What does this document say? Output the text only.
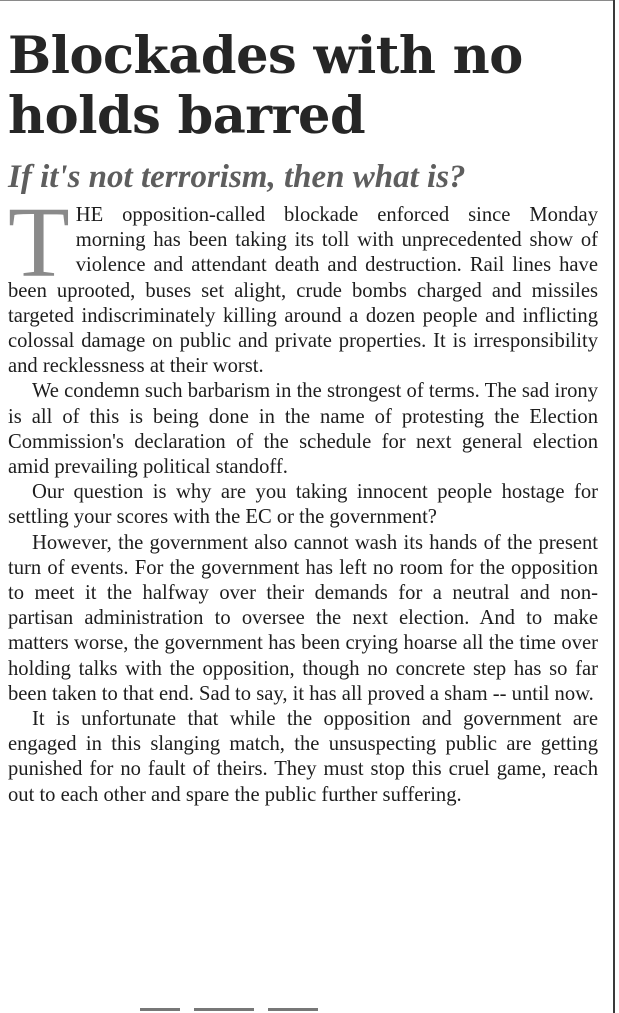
Blockades with no holds barred
If it's not terrorism, then what is?

THE opposition-called blockade enforced since Monday morning has been taking its toll with unprecedented show of violence and attendant death and destruction. Rail lines have been uprooted, buses set alight, crude bombs charged and missiles targeted indiscriminately killing around a dozen people and inflicting colossal damage on public and private properties. It is irresponsibility and recklessness at their worst.

We condemn such barbarism in the strongest of terms. The sad irony is all of this is being done in the name of protesting the Election Commission's declaration of the schedule for next general election amid prevailing political standoff.

Our question is why are you taking innocent people hostage for settling your scores with the EC or the government?

However, the government also cannot wash its hands of the present turn of events. For the government has left no room for the opposition to meet it the halfway over their demands for a neutral and non-partisan administration to oversee the next election. And to make matters worse, the government has been crying hoarse all the time over holding talks with the opposition, though no concrete step has so far been taken to that end. Sad to say, it has all proved a sham -- until now.

It is unfortunate that while the opposition and government are engaged in this slanging match, the unsuspecting public are getting punished for no fault of theirs. They must stop this cruel game, reach out to each other and spare the public further suffering.
